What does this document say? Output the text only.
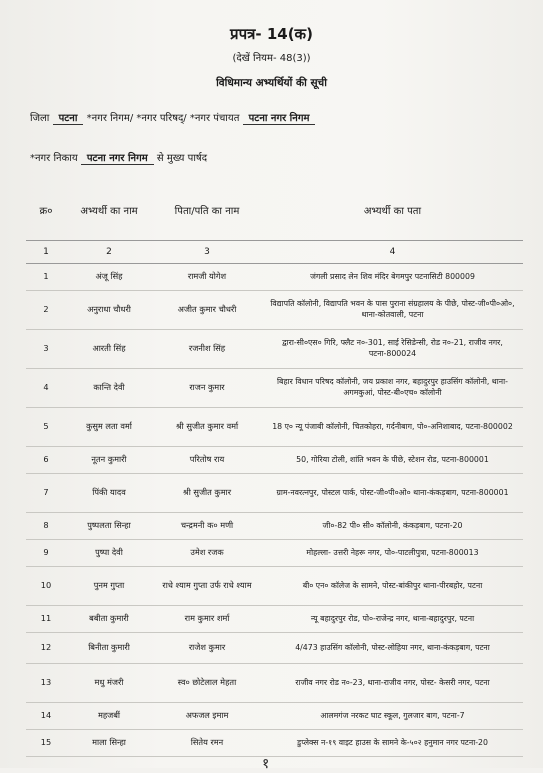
प्रपत्र- 14(क)
(देखें नियम- 48(3))
विधिमान्य अभ्यर्थियों की सूची
जिला पटना *नगर निगम/ *नगर परिषद्/ *नगर पंचायत पटना नगर निगम
*नगर निकाय पटना नगर निगम से मुख्य पार्षद
क्र०	अभ्यर्थी का नाम	पिता/पति का नाम	अभ्यर्थी का पता
1	2	3	4
1	अंजू सिंह	रामजी योगेश	जंगली प्रसाद लेन शिव मंदिर बेगमपुर पटनासिटी 800009
2	अनुराधा चौधरी	अजीत कुमार चौधरी	विद्यापति कॉलोनी, विद्यापति भवन के पास पुराना संग्रहालय के पीछे, पोस्ट-जी०पी०ओ०, थाना-कोतवाली, पटना
3	आरती सिंह	रजनीश सिंह	द्वारा-सी०एस० गिरि, फ्लैट न०-301, साई रेसिडेन्सी, रोड न०-21, राजीव नगर, पटना-800024
4	कान्ति देवी	राजन कुमार	बिहार विधान परिषद कॉलोनी, जय प्रकाश नगर, बहादुरपुर हाउसिंग कॉलोनी, थाना-अगमकुआं, पोस्ट-बी०एच० कॉलोनी
5	कुसुम लता वर्मा	श्री सुजीत कुमार वर्मा	18 ए० न्यू पंजाबी कॉलोनी, चितकोहरा, गर्दनीबाग, पो०-अनिशाबाद, पटना-800002
6	नूतन कुमारी	परितोष राय	50, गोरिया टोली, शांति भवन के पीछे, स्टेशन रोड, पटना-800001
7	पिंकी यादव	श्री सुजीत कुमार	ग्राम-नवरत्नपुर, पोस्टल पार्क, पोस्ट-जी०पी०ओ० थाना-कंकड़बाग, पटना-800001
8	पुष्पलता सिन्हा	चन्द्रमनी क० मणी	जी०-82 पी० सी० कॉलोनी, कंकड़बाग, पटना-20
9	पुष्पा देवी	उमेश रजक	मोहल्ला- उत्तरी नेहरू नगर, पो०-पाटलीपुत्रा, पटना-800013
10	पुनम गुप्ता	राधे श्याम गुप्ता उर्फ राधे श्याम	बी० एन० कॉलेज के सामने, पोस्ट-बांकीपुर थाना-पीरबहोर, पटना
11	बबीता कुमारी	राम कुमार शर्मा	न्यू बहादुरपुर रोड, पो०-राजेन्द्र नगर, थाना-बहादुरपुर, पटना
12	बिनीता कुमारी	राजेश कुमार	4/473 हाउसिंग कॉलोनी, पोस्ट-लोहिया नगर, थाना-कंकड़बाग, पटना
13	मधु मंजरी	स्व० छोटेलाल मेहता	राजीव नगर रोड न०-23, थाना-राजीव नगर, पोस्ट- केसरी नगर, पटना
14	महजबीं	अफजल इमाम	आलमगंज नरकट घाट स्कूल, गुलजार बाग, पटना-7
15	माला सिन्हा	सितेय रमन	डुप्लेक्स न-१९ वाइट हाउस के सामने के-५०२ हनुमान नगर पटना-20
१
